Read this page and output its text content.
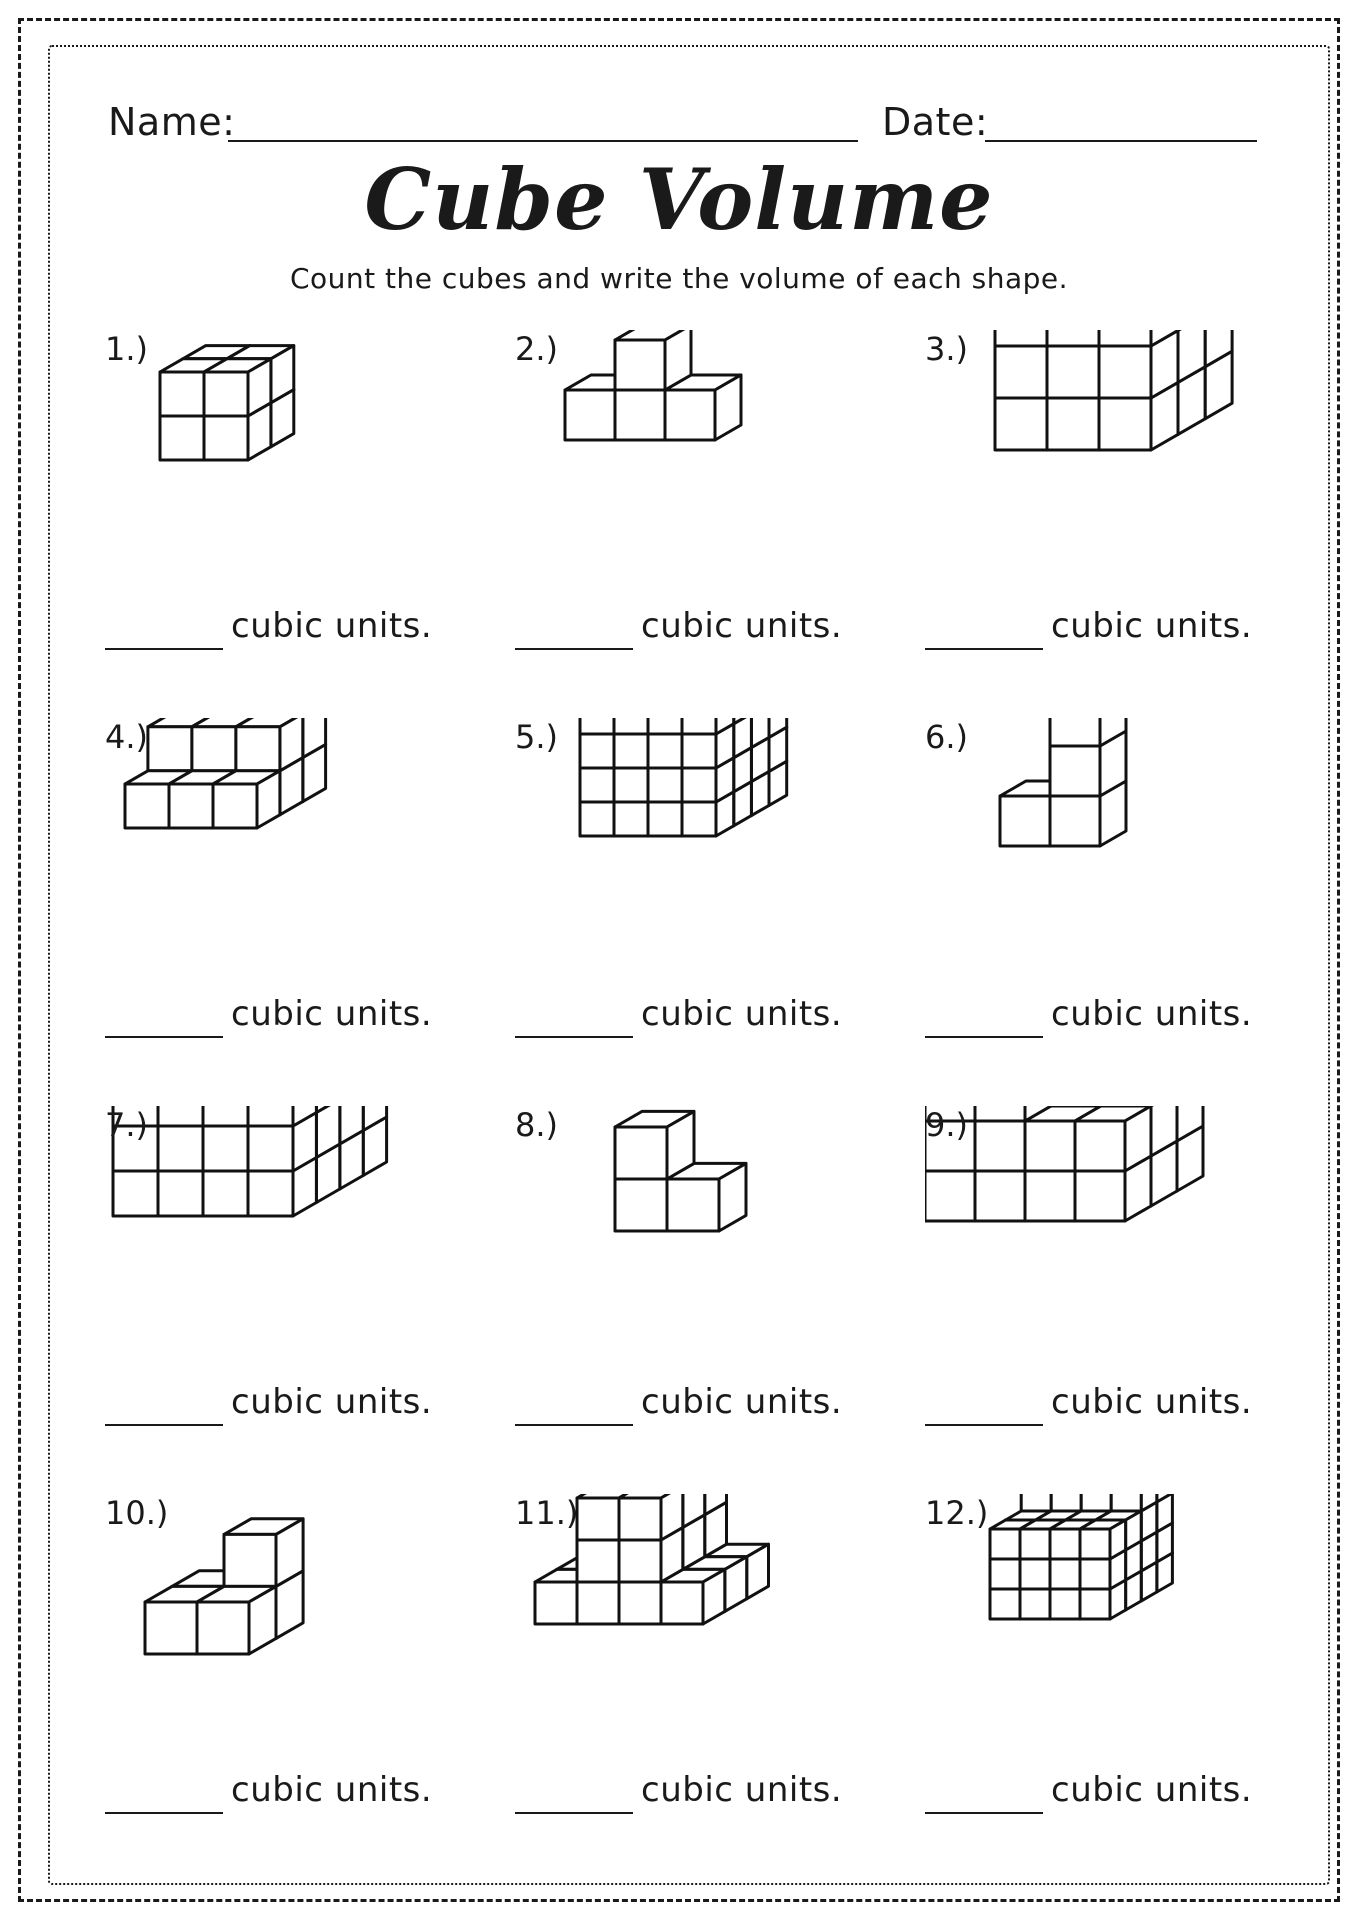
Name:	Date:
Cube Volume
Count the cubes and write the volume of each shape.
1.)
cubic units.
2.)
cubic units.
3.)
cubic units.
4.)
cubic units.
5.)
cubic units.
6.)
cubic units.
7.)
cubic units.
8.)
cubic units.
9.)
cubic units.
10.)
cubic units.
11.)
cubic units.
12.)
cubic units.
